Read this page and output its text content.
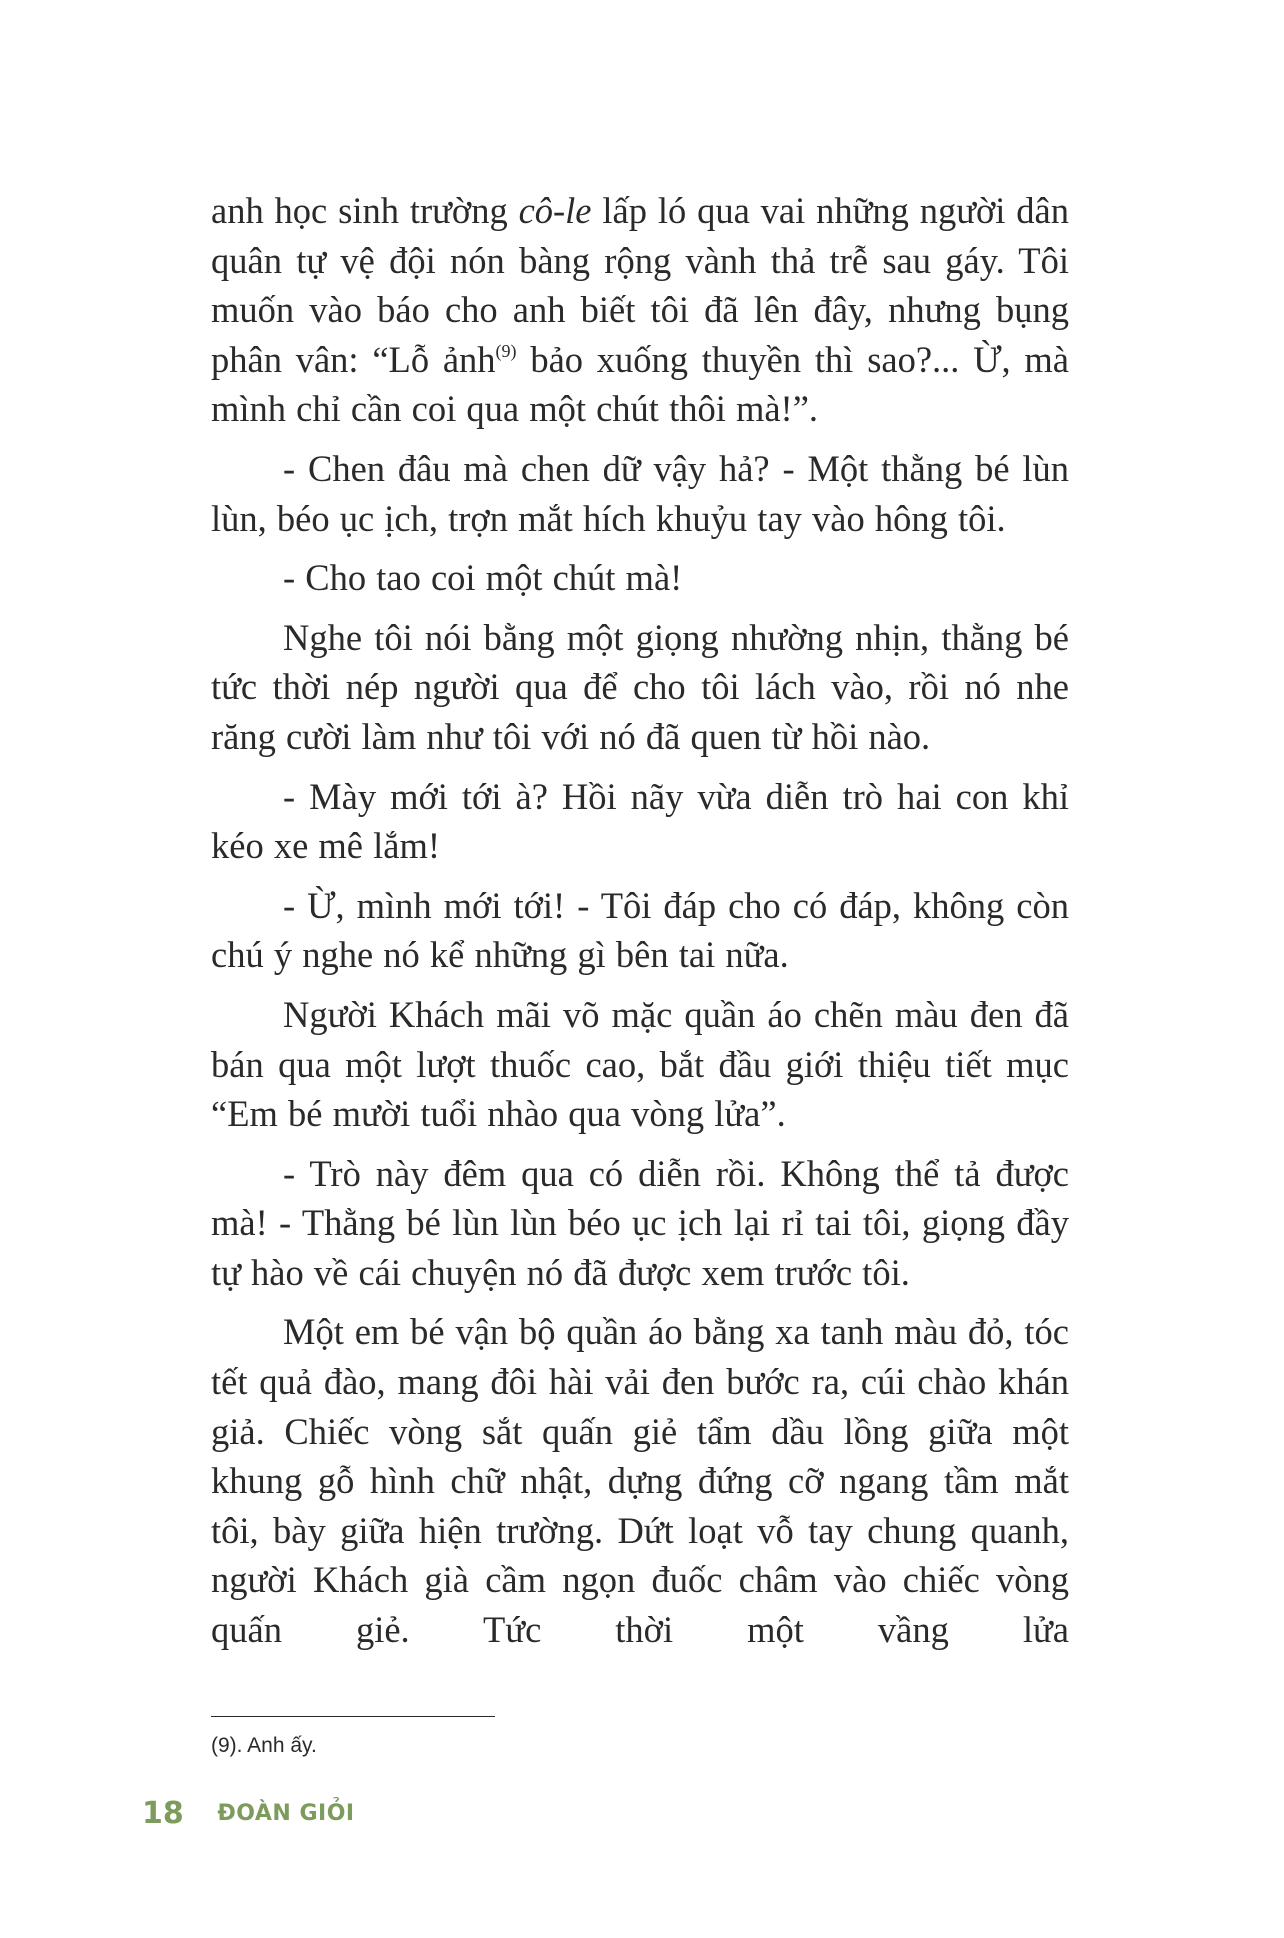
anh học sinh trường cô-le lấp ló qua vai những người dân quân tự vệ đội nón bàng rộng vành thả trễ sau gáy. Tôi muốn vào báo cho anh biết tôi đã lên đây, nhưng bụng phân vân: “Lỗ ảnh$^{(9)}$ bảo xuống thuyền thì sao?... Ừ, mà mình chỉ cần coi qua một chút thôi mà!”.

- Chen đâu mà chen dữ vậy hả? - Một thằng bé lùn lùn, béo ục ịch, trợn mắt hích khuỷu tay vào hông tôi.

- Cho tao coi một chút mà!

Nghe tôi nói bằng một giọng nhường nhịn, thằng bé tức thời nép người qua để cho tôi lách vào, rồi nó nhe răng cười làm như tôi với nó đã quen từ hồi nào.

- Mày mới tới à? Hồi nãy vừa diễn trò hai con khỉ kéo xe mê lắm!

- Ừ, mình mới tới! - Tôi đáp cho có đáp, không còn chú ý nghe nó kể những gì bên tai nữa.

Người Khách mãi võ mặc quần áo chẽn màu đen đã bán qua một lượt thuốc cao, bắt đầu giới thiệu tiết mục “Em bé mười tuổi nhào qua vòng lửa”.

- Trò này đêm qua có diễn rồi. Không thể tả được mà! - Thằng bé lùn lùn béo ục ịch lại rỉ tai tôi, giọng đầy tự hào về cái chuyện nó đã được xem trước tôi.

Một em bé vận bộ quần áo bằng xa tanh màu đỏ, tóc tết quả đào, mang đôi hài vải đen bước ra, cúi chào khán giả. Chiếc vòng sắt quấn giẻ tẩm dầu lồng giữa một khung gỗ hình chữ nhật, dựng đứng cỡ ngang tầm mắt tôi, bày giữa hiện trường. Dứt loạt vỗ tay chung quanh, người Khách già cầm ngọn đuốc châm vào chiếc vòng quấn giẻ. Tức thời một vầng lửa

(9). Anh ấy.
18 ĐOÀN GIỎI
